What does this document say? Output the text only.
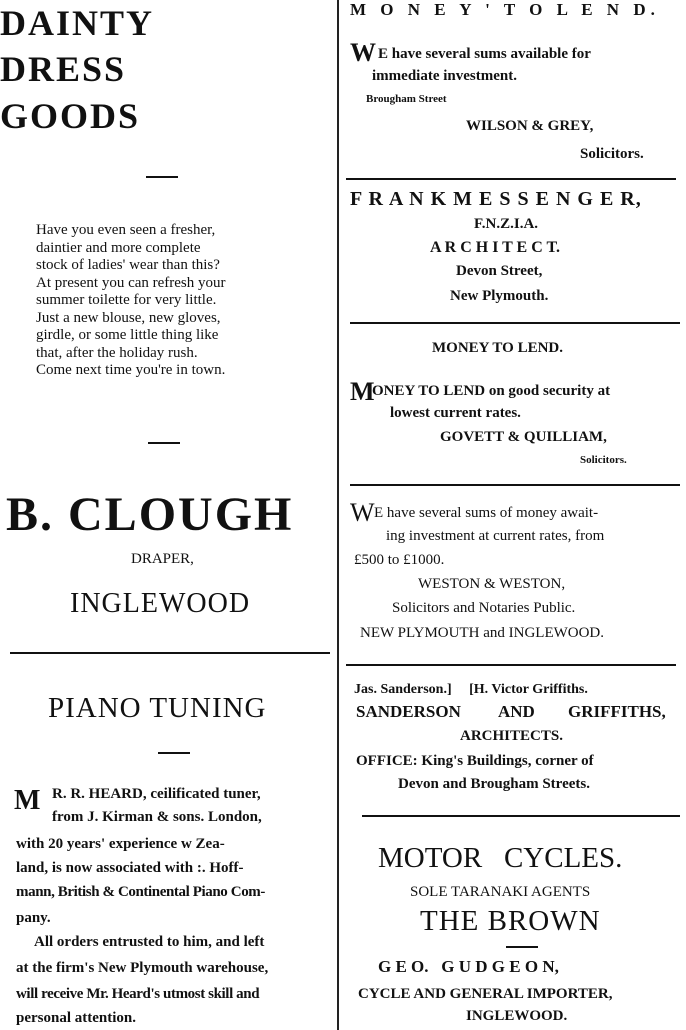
DAINTY
DRESS
GOODS
Have you even seen a fresher,
daintier and more complete
stock of ladies' wear than this?
At present you can refresh your
summer toilette for very little.
Just a new blouse, new gloves,
girdle, or some little thing like
that, after the holiday rush.
Come next time you're in town.
B. CLOUGH
DRAPER,
INGLEWOOD
PIANO TUNING
M R. R. HEARD, ceilificated tuner,
from J. Kirman & sons. London,
with 20 years' experience w Zea-
land, is now associated with :. Hoff-
mann, British & Continental Piano Com-
pany.
All orders entrusted to him, and left
at the firm's New Plymouth warehouse,
will receive Mr. Heard's utmost skill and
personal attention.
M O N E Y ' T O L E N D.
W E have several sums available for
immediate investment.
Brougham Street
WILSON & GREY,
Solicitors.
F R A N K M E S S E N G E R,
F.N.Z.I.A.
A R C H I T E C T.
Devon Street,
New Plymouth.
MONEY TO LEND.
M
ONEY TO LEND on good security at
lowest current rates.
GOVETT & QUILLIAM,
Solicitors.
W E have several sums of money await-
ing investment at current rates, from
£500 to £1000.
WESTON & WESTON,
Solicitors and Notaries Public.
NEW PLYMOUTH and INGLEWOOD.
Jas. Sanderson.]     [H. Victor Griffiths.
SANDERSON AND GRIFFITHS,
ARCHITECTS.
OFFICE: King's Buildings, corner of
Devon and Brougham Streets.
MOTOR   CYCLES.
SOLE TARANAKI AGENTS
THE BROWN
G E O.   G U D G E O N,
CYCLE AND GENERAL IMPORTER,
INGLEWOOD.
